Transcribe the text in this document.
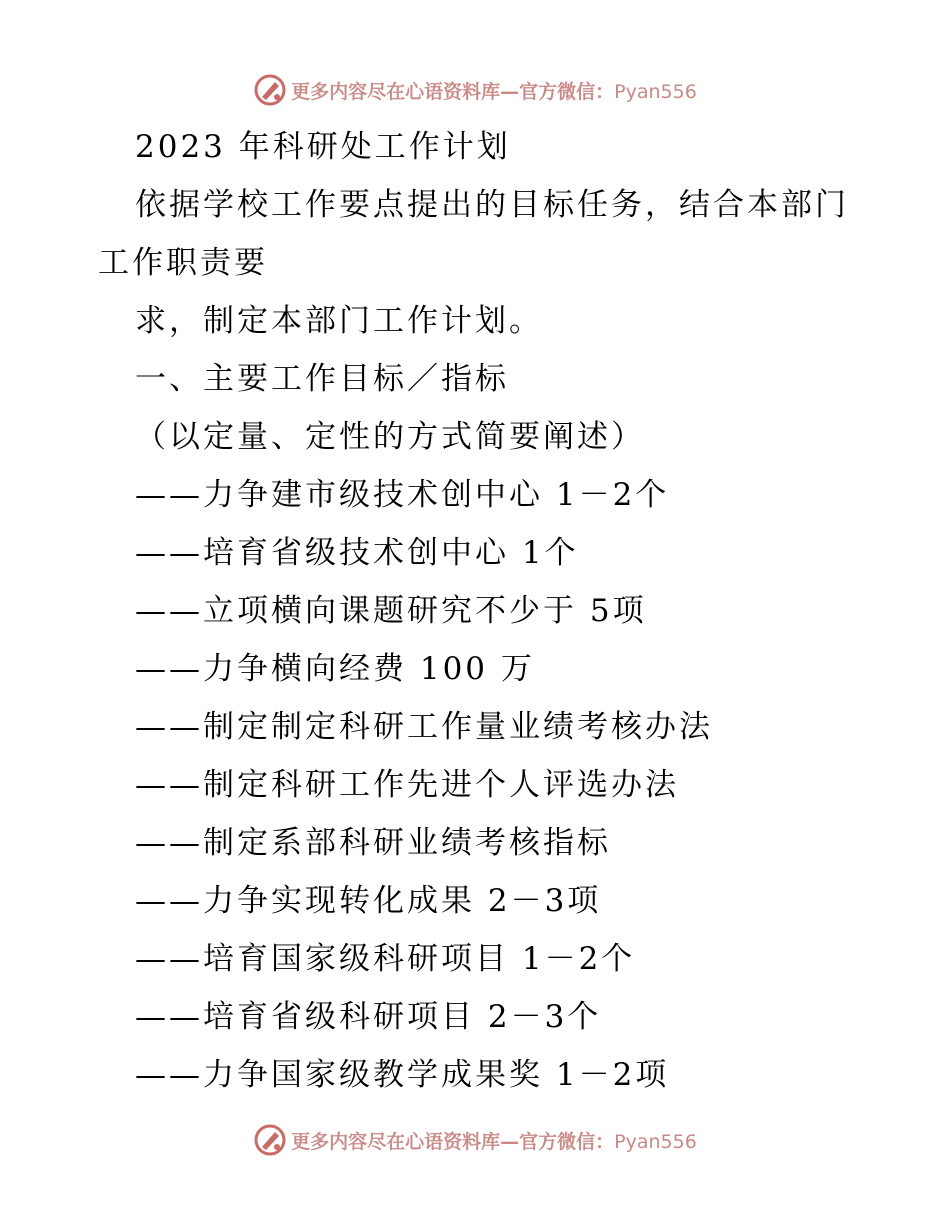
更多内容尽在心语资料库—官方微信：Pyan556
2023 年科研处工作计划
依据学校工作要点提出的目标任务，结合本部门
工作职责要
求，制定本部门工作计划。
一、主要工作目标／指标
（以定量、定性的方式简要阐述）
——力争建市级技术创中心 1－2个
——培育省级技术创中心 1个
——立项横向课题研究不少于 5项
——力争横向经费 100 万
——制定制定科研工作量业绩考核办法
——制定科研工作先进个人评选办法
——制定系部科研业绩考核指标
——力争实现转化成果 2－3项
——培育国家级科研项目 1－2个
——培育省级科研项目 2－3个
——力争国家级教学成果奖 1－2项
更多内容尽在心语资料库—官方微信：Pyan556
